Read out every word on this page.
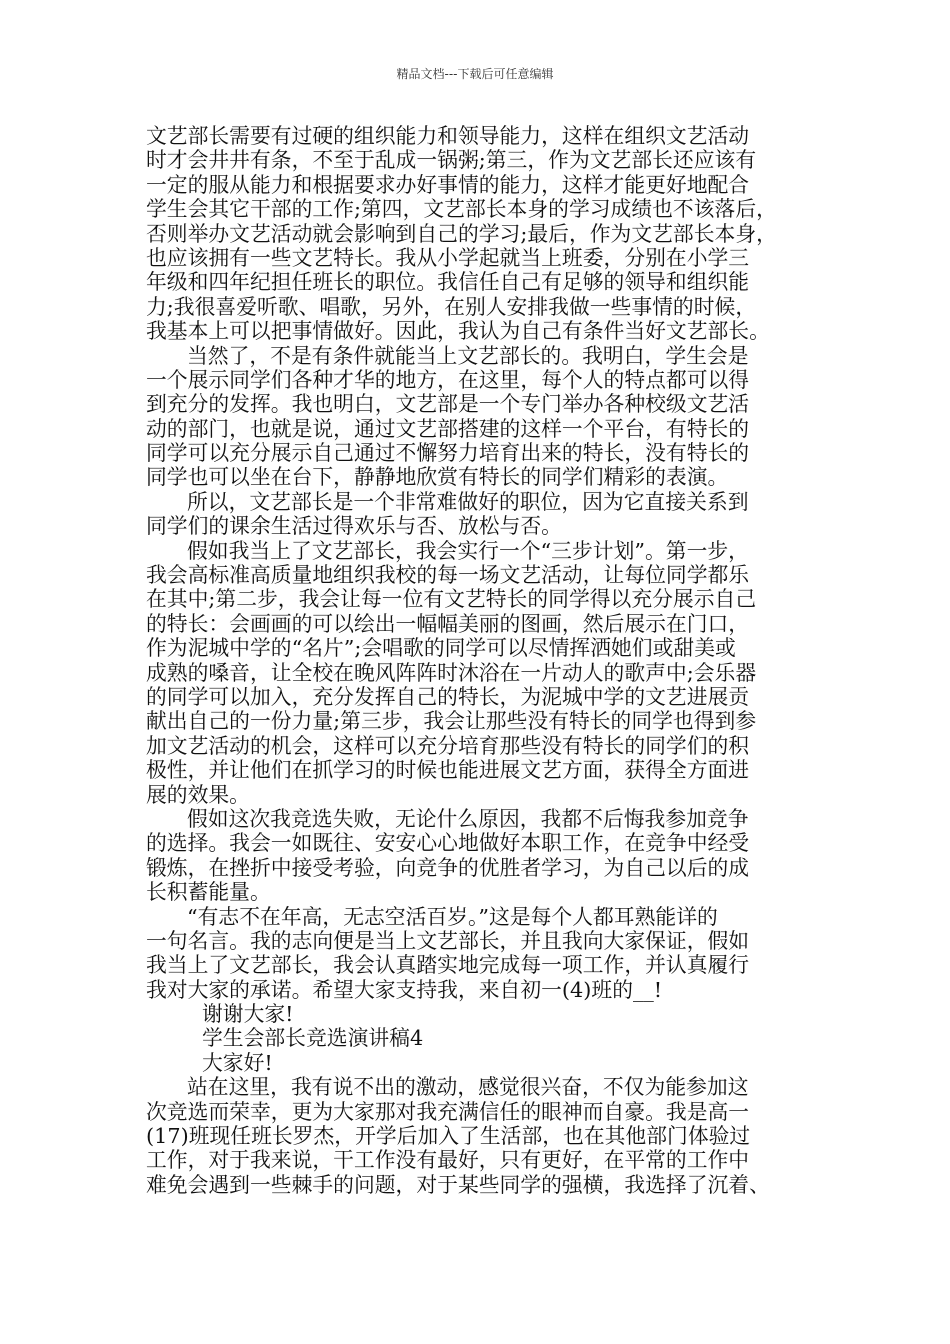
精品文档---下载后可任意编辑
文艺部长需要有过硬的组织能力和领导能力，这样在组织文艺活动
时才会井井有条，不至于乱成一锅粥;第三，作为文艺部长还应该有
一定的服从能力和根据要求办好事情的能力，这样才能更好地配合
学生会其它干部的工作;第四，文艺部长本身的学习成绩也不该落后，
否则举办文艺活动就会影响到自己的学习;最后，作为文艺部长本身，
也应该拥有一些文艺特长。我从小学起就当上班委，分别在小学三
年级和四年纪担任班长的职位。我信任自己有足够的领导和组织能
力;我很喜爱听歌、唱歌，另外，在别人安排我做一些事情的时候，
我基本上可以把事情做好。因此，我认为自己有条件当好文艺部长。
当然了，不是有条件就能当上文艺部长的。我明白，学生会是
一个展示同学们各种才华的地方，在这里，每个人的特点都可以得
到充分的发挥。我也明白，文艺部是一个专门举办各种校级文艺活
动的部门，也就是说，通过文艺部搭建的这样一个平台，有特长的
同学可以充分展示自己通过不懈努力培育出来的特长，没有特长的
同学也可以坐在台下，静静地欣赏有特长的同学们精彩的表演。
所以，文艺部长是一个非常难做好的职位，因为它直接关系到
同学们的课余生活过得欢乐与否、放松与否。
假如我当上了文艺部长，我会实行一个“三步计划”。第一步，
我会高标准高质量地组织我校的每一场文艺活动，让每位同学都乐
在其中;第二步，我会让每一位有文艺特长的同学得以充分展示自己
的特长：会画画的可以绘出一幅幅美丽的图画，然后展示在门口，
作为泥城中学的“名片”;会唱歌的同学可以尽情挥洒她们或甜美或
成熟的嗓音，让全校在晚风阵阵时沐浴在一片动人的歌声中;会乐器
的同学可以加入，充分发挥自己的特长，为泥城中学的文艺进展贡
献出自己的一份力量;第三步，我会让那些没有特长的同学也得到参
加文艺活动的机会，这样可以充分培育那些没有特长的同学们的积
极性，并让他们在抓学习的时候也能进展文艺方面，获得全方面进
展的效果。
假如这次我竞选失败，无论什么原因，我都不后悔我参加竞争
的选择。我会一如既往、安安心心地做好本职工作，在竞争中经受
锻炼，在挫折中接受考验，向竞争的优胜者学习，为自己以后的成
长积蓄能量。
“有志不在年高，无志空活百岁。”这是每个人都耳熟能详的
一句名言。我的志向便是当上文艺部长，并且我向大家保证，假如
我当上了文艺部长，我会认真踏实地完成每一项工作，并认真履行
我对大家的承诺。希望大家支持我，来自初一(4)班的__!
谢谢大家!
学生会部长竞选演讲稿4
大家好!
站在这里，我有说不出的激动，感觉很兴奋，不仅为能参加这
次竞选而荣幸，更为大家那对我充满信任的眼神而自豪。我是高一
(17)班现任班长罗杰，开学后加入了生活部，也在其他部门体验过
工作，对于我来说，干工作没有最好，只有更好，在平常的工作中
难免会遇到一些棘手的问题，对于某些同学的强横，我选择了沉着、
